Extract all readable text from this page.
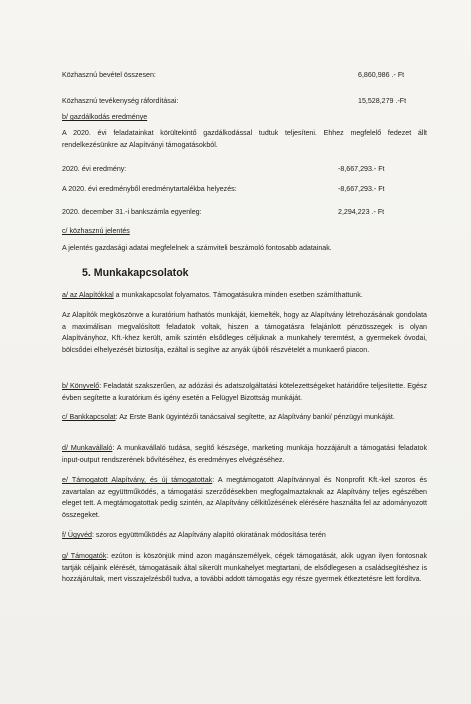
Közhasznú bevétel összesen:	6,860,986 .- Ft
Közhasznú tevékenység ráfordításai:	15,528,279 .-Ft
b/ gazdálkodás eredménye
A 2020. évi feladatainkat körültekintő gazdálkodással tudtuk teljesíteni. Ehhez megfelelő fedezet állt rendelkezésünkre az Alapítványi támogatásokból.
2020. évi eredmény:	-8,667,293.- Ft
A 2020. évi eredményből eredménytartalékba helyezés:	-8,667,293.- Ft
2020. december 31.-i bankszámla egyenleg:	2,294,223 .- Ft
c/ közhasznú jelentés
A jelentés gazdasági adatai megfelelnek a számviteli beszámoló fontosabb adatainak.
5. Munkakapcsolatok
a/ az Alapítókkal a munkakapcsolat folyamatos. Támogatásukra minden esetben számíthattunk.
Az Alapítók megköszönve a kuratórium hathatós munkáját, kiemelték, hogy az Alapítvány létrehozásának gondolata a maximálisan megvalósított feladatok voltak, hiszen a támogatásra felajánlott pénzösszegek is olyan Alapítványhoz, Kft.-khez került, amik szintén elsődleges céljuknak a munkahely teremtést, a gyermekek óvodai, bölcsődei elhelyezését biztosítja, ezáltal is segítve az anyák újbóli részvételét a munkaerő piacon.
b/ Könyvelő: Feladatát szakszerűen, az adózási és adatszolgáltatási kötelezettségeket határidőre teljesítette. Egész évben segítette a kuratórium és igény esetén a Felügyel Bizottság munkáját.
c/ Bankkapcsolat: Az Erste Bank ügyintézői tanácsaival segítette, az Alapítvány banki/ pénzügyi munkáját.
d/ Munkavállaló: A munkavállaló tudása, segítő készsége, marketing munkája hozzájárult a támogatási feladatok input-output rendszerének bővítéséhez, és eredményes elvégzéséhez.
e/ Támogatott Alapítvány, és új támogatottak: A megtámogatott Alapítvánnyal és Nonprofit Kft.-kel szoros és zavartalan az együttműködés, a támogatási szerződésekben megfogalmaztaknak az Alapítvány teljes egészében eleget tett. A megtámogatottak pedig szintén, az Alapítvány célkitűzésének elérésére használta fel az adományozott összegeket.
f/ Ügyvéd: szoros együttműködés az Alapítvány alapító okiratának módosítása terén
g/ Támogatók: ezúton is köszönjük mind azon magánszemélyek, cégek támogatását, akik ugyan ilyen fontosnak tartják céljaink elérését, támogatásaik által sikerült munkahelyet megtartani, de elsődlegesen a családsegítéshez is hozzájárultak, mert visszajelzésből tudva, a további addott támogatás egy része gyermek étkeztetésre lett fordítva.
